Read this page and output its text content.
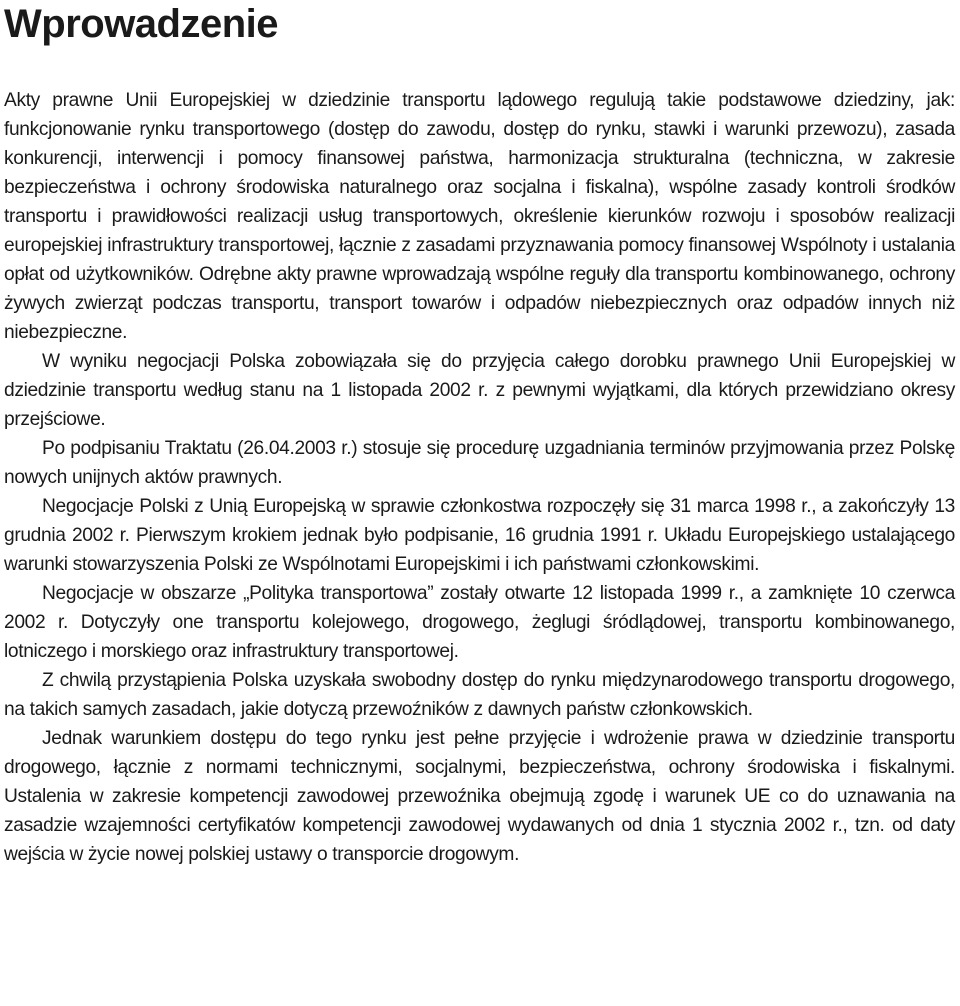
Wprowadzenie

Akty prawne Unii Europejskiej w dziedzinie transportu lądowego regulują takie podstawowe dziedziny, jak: funkcjonowanie rynku transportowego (dostęp do zawodu, dostęp do rynku, stawki i warunki przewozu), zasada konkurencji, interwencji i pomocy finansowej państwa, harmonizacja strukturalna (techniczna, w zakresie bezpieczeństwa i ochrony środowiska naturalnego oraz socjalna i fiskalna), wspólne zasady kontroli środków transportu i prawidłowości realizacji usług transportowych, określenie kierunków rozwoju i sposobów realizacji europejskiej infrastruktury transportowej, łącznie z zasadami przyznawania pomocy finansowej Wspólnoty i ustalania opłat od użytkowników. Odrębne akty prawne wprowadzają wspólne reguły dla transportu kombinowanego, ochrony żywych zwierząt podczas transportu, transport towarów i odpadów niebezpiecznych oraz odpadów innych niż niebezpieczne.

W wyniku negocjacji Polska zobowiązała się do przyjęcia całego dorobku prawnego Unii Europejskiej w dziedzinie transportu według stanu na 1 listopada 2002 r. z pewnymi wyjątkami, dla których przewidziano okresy przejściowe.

Po podpisaniu Traktatu (26.04.2003 r.) stosuje się procedurę uzgadniania terminów przyjmowania przez Polskę nowych unijnych aktów prawnych.

Negocjacje Polski z Unią Europejską w sprawie członkostwa rozpoczęły się 31 marca 1998 r., a zakończyły 13 grudnia 2002 r. Pierwszym krokiem jednak było podpisanie, 16 grudnia 1991 r. Układu Europejskiego ustalającego warunki stowarzyszenia Polski ze Wspólnotami Europejskimi i ich państwami członkowskimi.

Negocjacje w obszarze „Polityka transportowa” zostały otwarte 12 listopada 1999 r., a zamknięte 10 czerwca 2002 r. Dotyczyły one transportu kolejowego, drogowego, żeglugi śródlądowej, transportu kombinowanego, lotniczego i morskiego oraz infrastruktury transportowej.

Z chwilą przystąpienia Polska uzyskała swobodny dostęp do rynku międzynarodowego transportu drogowego, na takich samych zasadach, jakie dotyczą przewoźników z dawnych państw członkowskich.

Jednak warunkiem dostępu do tego rynku jest pełne przyjęcie i wdrożenie prawa w dziedzinie transportu drogowego, łącznie z normami technicznymi, socjalnymi, bezpieczeństwa, ochrony środowiska i fiskalnymi. Ustalenia w zakresie kompetencji zawodowej przewoźnika obejmują zgodę i warunek UE co do uznawania na zasadzie wzajemności certyfikatów kompetencji zawodowej wydawanych od dnia 1 stycznia 2002 r., tzn. od daty wejścia w życie nowej polskiej ustawy o transporcie drogowym.
